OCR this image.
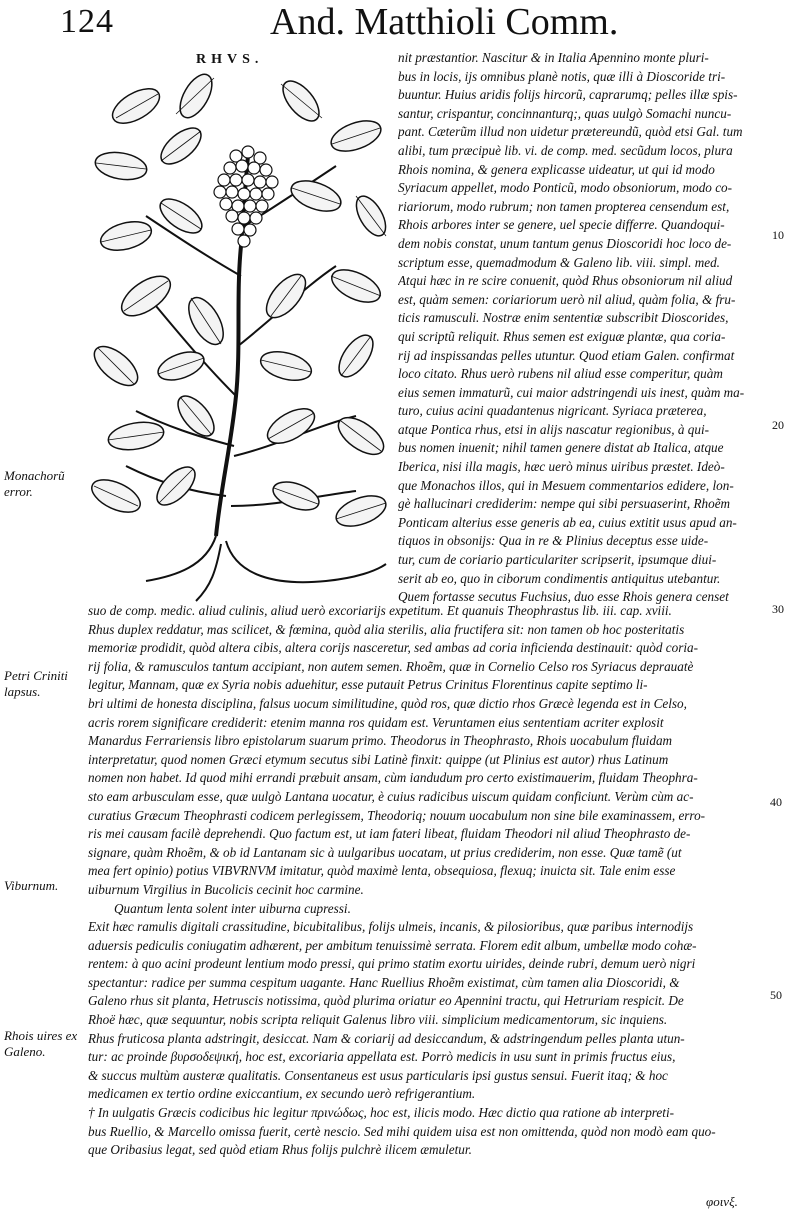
124	And. Matthioli Comm.
RHVS.	nit præstantior. Nascitur & in Italia Apennino monte pluri-
bus in locis, ijs omnibus planè notis, quæ illi à Dioscoride tri-
buuntur. Huius aridis folijs hircorũ, caprarumq; pelles illæ spis-
santur, crispantur, concinnanturq;, quas uulgò Somachi nuncu-
pant. Cæterũm illud non uidetur prætereundũ, quòd etsi Gal. tum
alibi, tum præcipuè lib. vi. de comp. med. secũdum locos, plura
Rhois nomina, & genera explicasse uideatur, ut qui id modo
Syriacum appellet, modo Ponticũ, modo obsoniorum, modo co-
riariorum, modo rubrum; non tamen propterea censendum est,
Rhois arbores inter se genere, uel specie differre. Quandoqui-
dem nobis constat, unum tantum genus Dioscoridi hoc loco de-
scriptum esse, quemadmodum & Galeno lib. viii. simpl. med.
Atqui hæc in re scire conuenit, quòd Rhus obsoniorum nil aliud
est, quàm semen: coriariorum uerò nil aliud, quàm folia, & fru-
ticis ramusculi. Nostræ enim sententiæ subscribit Dioscorides,
qui scriptũ reliquit. Rhus semen est exiguæ plantæ, qua coria-
rij ad inspissandas pelles utuntur. Quod etiam Galen. confirmat
loco citato. Rhus uerò rubens nil aliud esse comperitur, quàm
eius semen immaturũ, cui maior adstringendi uis inest, quàm ma-
turo, cuius acini quadantenus nigricant. Syriaca præterea,
atque Pontica rhus, etsi in alijs nascatur regionibus, à qui-
bus nomen inuenit; nihil tamen genere distat ab Italica, atque
Iberica, nisi illa magis, hæc uerò minus uiribus præstet. Ideò-
que Monachos illos, qui in Mesuem commentarios edidere, lon-
gè hallucinari crediderim: nempe qui sibi persuaserint, Rhoẽm
Ponticam alterius esse generis ab ea, cuius extitit usus apud an-
tiquos in obsonijs: Qua in re & Plinius deceptus esse uide-
tur, cum de coriario particulariter scripserit, ipsumque diui-
serit ab eo, quo in ciborum condimentis antiquitus utebantur.
Quem fortasse secutus Fuchsius, duo esse Rhois genera censet
suo de comp. medic. aliud culinis, aliud uerò excoriarijs expetitum. Et quanuis Theophrastus lib. iii. cap. xviii.
Rhus duplex reddatur, mas scilicet, & fœmina, quòd alia sterilis, alia fructifera sit: non tamen ob hoc posteritatis
memoriæ prodidit, quòd altera cibis, altera corijs nasceretur, sed ambas ad coria inficienda destinauit: quòd coria-
rij folia, & ramusculos tantum accipiant, non autem semen. Rhoẽm, quæ in Cornelio Celso ros Syriacus deprauatè
legitur, Mannam, quæ ex Syria nobis aduehitur, esse putauit Petrus Crinitus Florentinus capite septimo li-
bri ultimi de honesta disciplina, falsus uocum similitudine, quòd ros, quæ dictio rhos Græcè legenda est in Celso,
acris rorem significare crediderit: etenim manna ros quidam est. Veruntamen eius sententiam acriter explosit
Manardus Ferrariensis libro epistolarum suarum primo. Theodorus in Theophrasto, Rhois uocabulum fluidam
interpretatur, quod nomen Græci etymum secutus sibi Latinè finxit: quippe (ut Plinius est autor) rhus Latinum
nomen non habet. Id quod mihi errandi præbuit ansam, cùm iandudum pro certo existimauerim, fluidam Theophra-
sto eam arbusculam esse, quæ uulgò Lantana uocatur, è cuius radicibus uiscum quidam conficiunt. Verùm cùm ac-
curatius Græcum Theophrasti codicem perlegissem, Theodoriq; nouum uocabulum non sine bile examinassem, erro-
ris mei causam facilè deprehendi. Quo factum est, ut iam fateri libeat, fluidam Theodori nil aliud Theophrasto de-
signare, quàm Rhoẽm, & ob id Lantanam sic à uulgaribus uocatam, ut prius crediderim, non esse. Quæ tamẽ (ut
mea fert opinio) potius VIBVRNVM imitatur, quòd maximè lenta, obsequiosa, flexuq; inuicta sit. Tale enim esse
uiburnum Virgilius in Bucolicis cecinit hoc carmine.
Quantum lenta solent inter uiburna cupressi.
Exit hæc ramulis digitali crassitudine, bicubitalibus, folijs ulmeis, incanis, & pilosioribus, quæ paribus internodijs
aduersis pediculis coniugatim adhærent, per ambitum tenuissimè serrata. Florem edit album, umbellæ modo cohæ-
rentem: à quo acini prodeunt lentium modo pressi, qui primo statim exortu uirides, deinde rubri, demum uerò nigri
spectantur: radice per summa cespitum uagante. Hanc Ruellius Rhoẽm existimat, cùm tamen alia Dioscoridi, &
Galeno rhus sit planta, Hetruscis notissima, quòd plurima oriatur eo Apennini tractu, qui Hetruriam respicit. De
Rhoë hæc, quæ sequuntur, nobis scripta reliquit Galenus libro viii. simplicium medicamentorum, sic inquiens.
Rhus fruticosa planta adstringit, desiccat. Nam & coriarij ad desiccandum, & adstringendum pelles planta utun-
tur: ac proinde βυρσοδεψική, hoc est, excoriaria appellata est. Porrò medicis in usu sunt in primis fructus eius,
& succus multùm austeræ qualitatis. Consentaneus est usus particularis ipsi gustus sensui. Fuerit itaq; & hoc
medicamen ex tertio ordine exiccantium, ex secundo uerò refrigerantium.
† In uulgatis Græcis codicibus hic legitur πρινώδως, hoc est, ilicis modo. Hæc dictio qua ratione ab interpreti-
bus Ruellio, & Marcello omissa fuerit, certè nescio. Sed mihi quidem uisa est non omittenda, quòd non modò eam quo-
que Oribasius legat, sed quòd etiam Rhus folijs pulchrè ilicem æmuletur.
Monachorũ error.
Petri Criniti lapsus.
Viburnum.
Rhois uires ex Galeno.
10
20
30
40
50
φοινξ.
